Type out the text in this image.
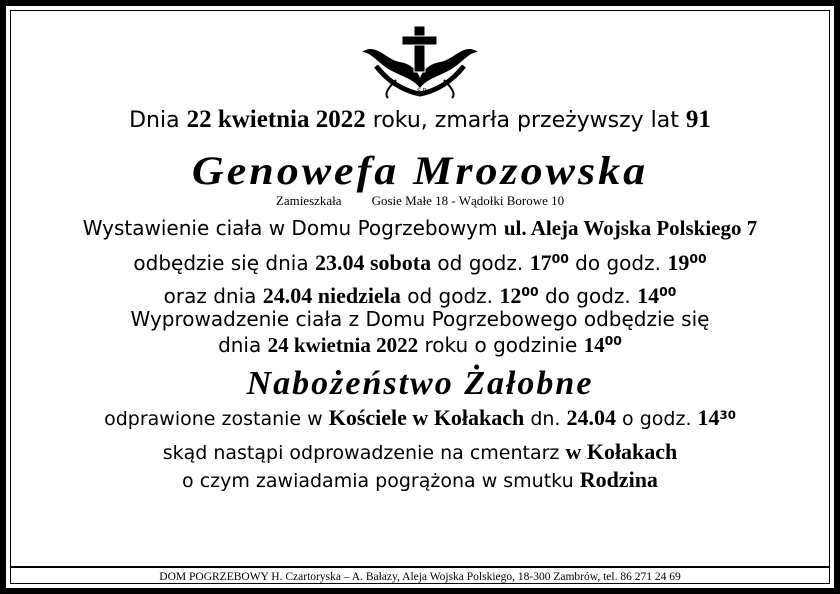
Ś.P.
Dnia 22 kwietnia 2022 roku, zmarła przeżywszy lat 91
Genowefa Mrozowska
Zamieszkała Gosie Małe 18 - Wądołki Borowe 10
Wystawienie ciała w Domu Pogrzebowym ul. Aleja Wojska Polskiego 7
odbędzie się dnia 23.04 sobota od godz. $17^{00}$ do godz. $19^{00}$
oraz dnia 24.04 niedziela od godz. $12^{00}$ do godz. $14^{00}$
Wyprowadzenie ciała z Domu Pogrzebowego odbędzie się
dnia 24 kwietnia 2022 roku o godzinie $14^{00}$
Nabożeństwo Żałobne
odprawione zostanie w Kościele w Kołakach dn. 24.04 o godz. $14^{30}$
skąd nastąpi odprowadzenie na cmentarz w Kołakach
o czym zawiadamia pogrążona w smutku Rodzina
DOM POGRZEBOWY H. Czartoryska – A. Bałazy, Aleja Wojska Polskiego, 18-300 Zambrów, tel. 86 271 24 69
